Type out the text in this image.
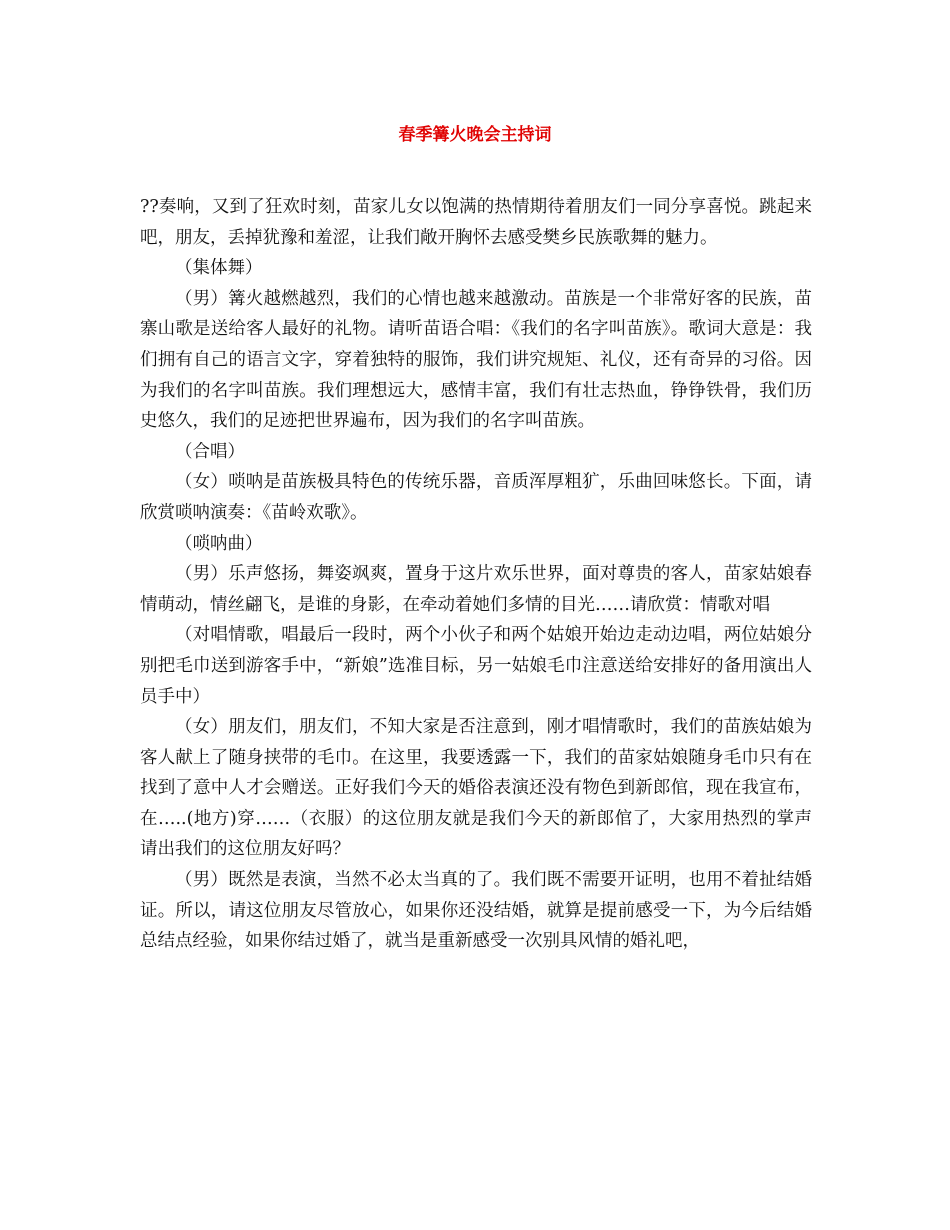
春季篝火晚会主持词

??奏响，又到了狂欢时刻，苗家儿女以饱满的热情期待着朋友们一同分享喜悦。跳起来吧，朋友，丢掉犹豫和羞涩，让我们敞开胸怀去感受樊乡民族歌舞的魅力。

（集体舞）

（男）篝火越燃越烈，我们的心情也越来越激动。苗族是一个非常好客的民族，苗寨山歌是送给客人最好的礼物。请听苗语合唱：《我们的名字叫苗族》。歌词大意是：我们拥有自己的语言文字，穿着独特的服饰，我们讲究规矩、礼仪，还有奇异的习俗。因为我们的名字叫苗族。我们理想远大，感情丰富，我们有壮志热血，铮铮铁骨，我们历史悠久，我们的足迹把世界遍布，因为我们的名字叫苗族。

（合唱）

（女）唢呐是苗族极具特色的传统乐器，音质浑厚粗犷，乐曲回味悠长。下面，请欣赏唢呐演奏：《苗岭欢歌》。

（唢呐曲）

（男）乐声悠扬，舞姿飒爽，置身于这片欢乐世界，面对尊贵的客人，苗家姑娘春情萌动，情丝翩飞，是谁的身影，在牵动着她们多情的目光……请欣赏：情歌对唱

（对唱情歌，唱最后一段时，两个小伙子和两个姑娘开始边走动边唱，两位姑娘分别把毛巾送到游客手中，“新娘”选准目标，另一姑娘毛巾注意送给安排好的备用演出人员手中）

（女）朋友们，朋友们，不知大家是否注意到，刚才唱情歌时，我们的苗族姑娘为客人献上了随身挟带的毛巾。在这里，我要透露一下，我们的苗家姑娘随身毛巾只有在找到了意中人才会赠送。正好我们今天的婚俗表演还没有物色到新郎倌，现在我宣布，在…..(地方)穿……（衣服）的这位朋友就是我们今天的新郎倌了，大家用热烈的掌声请出我们的这位朋友好吗？

（男）既然是表演，当然不必太当真的了。我们既不需要开证明，也用不着扯结婚证。所以，请这位朋友尽管放心，如果你还没结婚，就算是提前感受一下，为今后结婚总结点经验，如果你结过婚了，就当是重新感受一次别具风情的婚礼吧，
